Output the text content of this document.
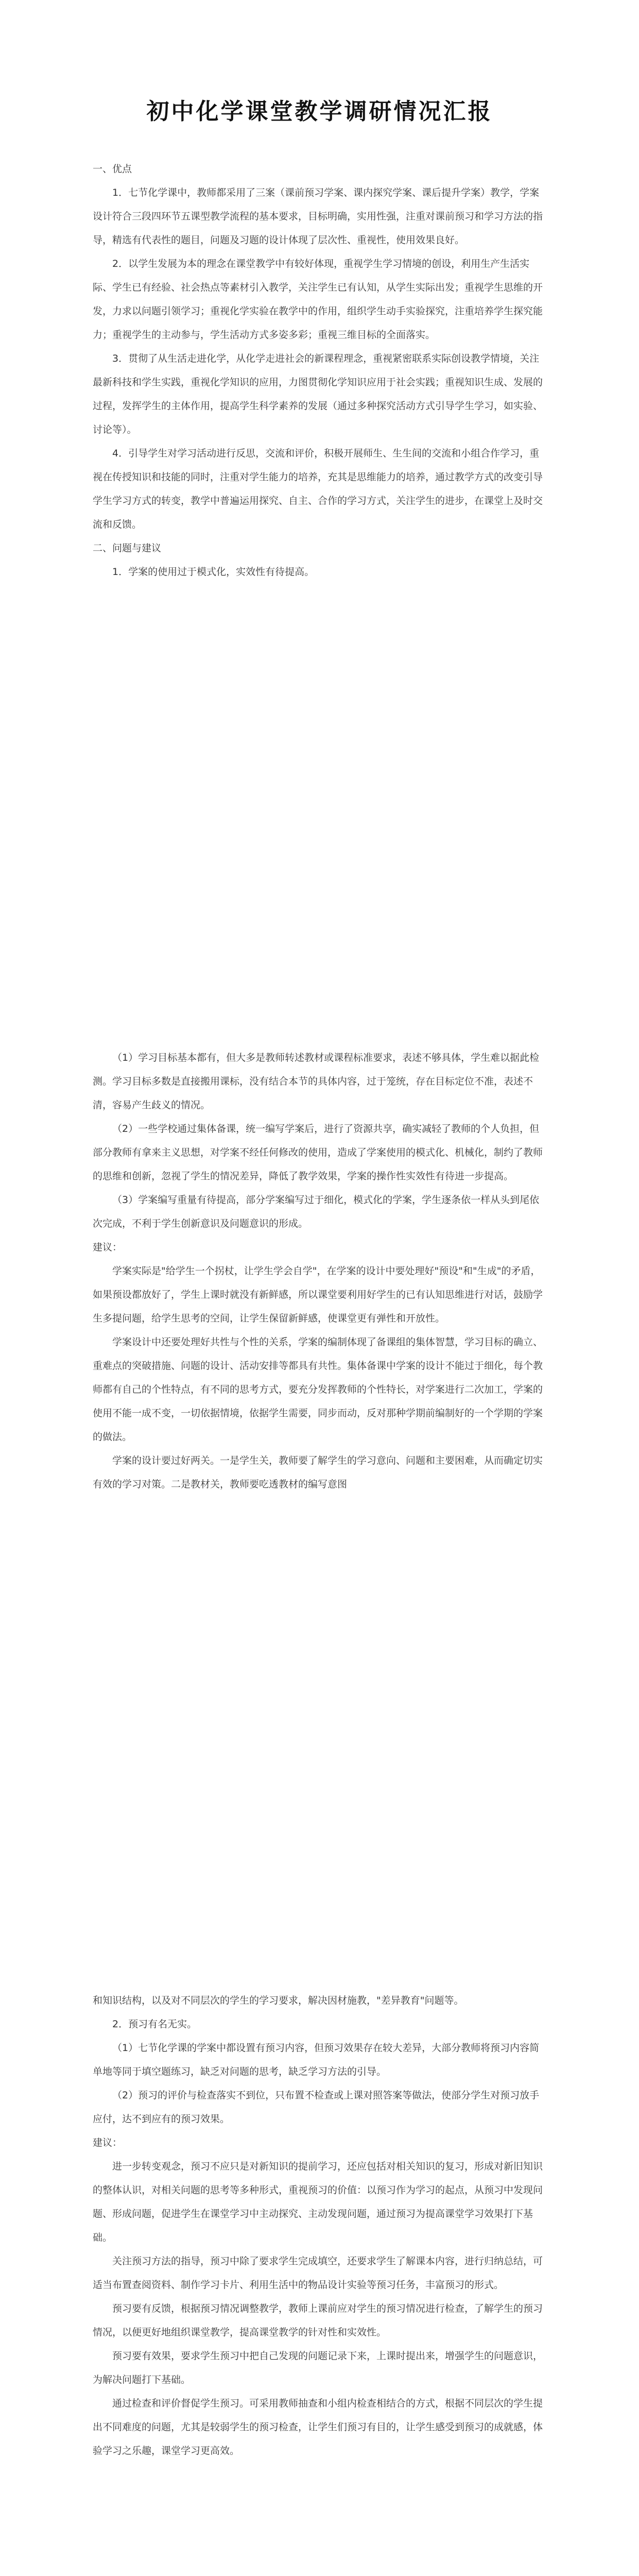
初中化学课堂教学调研情况汇报

一、优点

1．七节化学课中，教师都采用了三案（课前预习学案、课内探究学案、课后提升学案）教学，学案设计符合三段四环节五课型教学流程的基本要求，目标明确，实用性强，注重对课前预习和学习方法的指导，精选有代表性的题目，问题及习题的设计体现了层次性、重视性，使用效果良好。

2．以学生发展为本的理念在课堂教学中有较好体现，重视学生学习情境的创设，利用生产生活实际、学生已有经验、社会热点等素材引入教学，关注学生已有认知，从学生实际出发；重视学生思维的开发，力求以问题引领学习；重视化学实验在教学中的作用，组织学生动手实验探究，注重培养学生探究能力；重视学生的主动参与，学生活动方式多姿多彩；重视三维目标的全面落实。

3．贯彻了从生活走进化学，从化学走进社会的新课程理念，重视紧密联系实际创设教学情境，关注最新科技和学生实践，重视化学知识的应用，力图贯彻化学知识应用于社会实践；重视知识生成、发展的过程，发挥学生的主体作用，提高学生科学素养的发展（通过多种探究活动方式引导学生学习，如实验、讨论等）。

4．引导学生对学习活动进行反思，交流和评价，积极开展师生、生生间的交流和小组合作学习，重视在传授知识和技能的同时，注重对学生能力的培养，充其是思维能力的培养，通过教学方式的改变引导学生学习方式的转变，教学中普遍运用探究、自主、合作的学习方式，关注学生的进步，在课堂上及时交流和反馈。

二、问题与建议

1．学案的使用过于模式化，实效性有待提高。

（1）学习目标基本都有，但大多是教师转述教材或课程标准要求，表述不够具体，学生难以据此检测。学习目标多数是直接搬用课标，没有结合本节的具体内容，过于笼统，存在目标定位不准，表述不清，容易产生歧义的情况。

（2）一些学校通过集体备课，统一编写学案后，进行了资源共享，确实减轻了教师的个人负担，但部分教师有拿来主义思想，对学案不经任何修改的使用，造成了学案使用的模式化、机械化，制约了教师的思维和创新，忽视了学生的情况差异，降低了教学效果，学案的操作性实效性有待进一步提高。

（3）学案编写重量有待提高，部分学案编写过于细化，模式化的学案，学生逐条依一样从头到尾依次完成，不利于学生创新意识及问题意识的形成。

建议：

学案实际是"给学生一个拐杖，让学生学会自学"，在学案的设计中要处理好"预设"和"生成"的矛盾，如果预设都放好了，学生上课时就没有新鲜感，所以课堂要利用好学生的已有认知思维进行对话，鼓励学生多提问题，给学生思考的空间，让学生保留新鲜感，使课堂更有弹性和开放性。

学案设计中还要处理好共性与个性的关系，学案的编制体现了备课组的集体智慧，学习目标的确立、重难点的突破措施、问题的设计、活动安排等都具有共性。集体备课中学案的设计不能过于细化，每个教师都有自己的个性特点，有不同的思考方式，要充分发挥教师的个性特长，对学案进行二次加工，学案的使用不能一成不变，一切依据情境，依据学生需要，同步而动，反对那种学期前编制好的一个学期的学案的做法。

学案的设计要过好两关。一是学生关，教师要了解学生的学习意向、问题和主要困难，从而确定切实有效的学习对策。二是教材关，教师要吃透教材的编写意图

和知识结构，以及对不同层次的学生的学习要求，解决因材施教，"差异教育"问题等。

2．预习有名无实。

（1）七节化学课的学案中都设置有预习内容，但预习效果存在较大差异，大部分教师将预习内容简单地等同于填空题练习，缺乏对问题的思考，缺乏学习方法的引导。

（2）预习的评价与检查落实不到位，只布置不检查或上课对照答案等做法，使部分学生对预习放手应付，达不到应有的预习效果。

建议：

进一步转变观念，预习不应只是对新知识的提前学习，还应包括对相关知识的复习，形成对新旧知识的整体认识，对相关问题的思考等多种形式，重视预习的价值：以预习作为学习的起点，从预习中发现问题、形成问题，促进学生在课堂学习中主动探究、主动发现问题，通过预习为提高课堂学习效果打下基础。

关注预习方法的指导，预习中除了要求学生完成填空，还要求学生了解课本内容，进行归纳总结，可适当布置查阅资料、制作学习卡片、利用生活中的物品设计实验等预习任务，丰富预习的形式。

预习要有反馈，根据预习情况调整教学，教师上课前应对学生的预习情况进行检查，了解学生的预习情况，以便更好地组织课堂教学，提高课堂教学的针对性和实效性。

预习要有效果，要求学生预习中把自己发现的问题记录下来，上课时提出来，增强学生的问题意识，为解决问题打下基础。

通过检查和评价督促学生预习。可采用教师抽查和小组内检查相结合的方式，根据不同层次的学生提出不同难度的问题，尤其是较弱学生的预习检查，让学生们预习有目的，让学生感受到预习的成就感，体验学习之乐趣，课堂学习更高效。
